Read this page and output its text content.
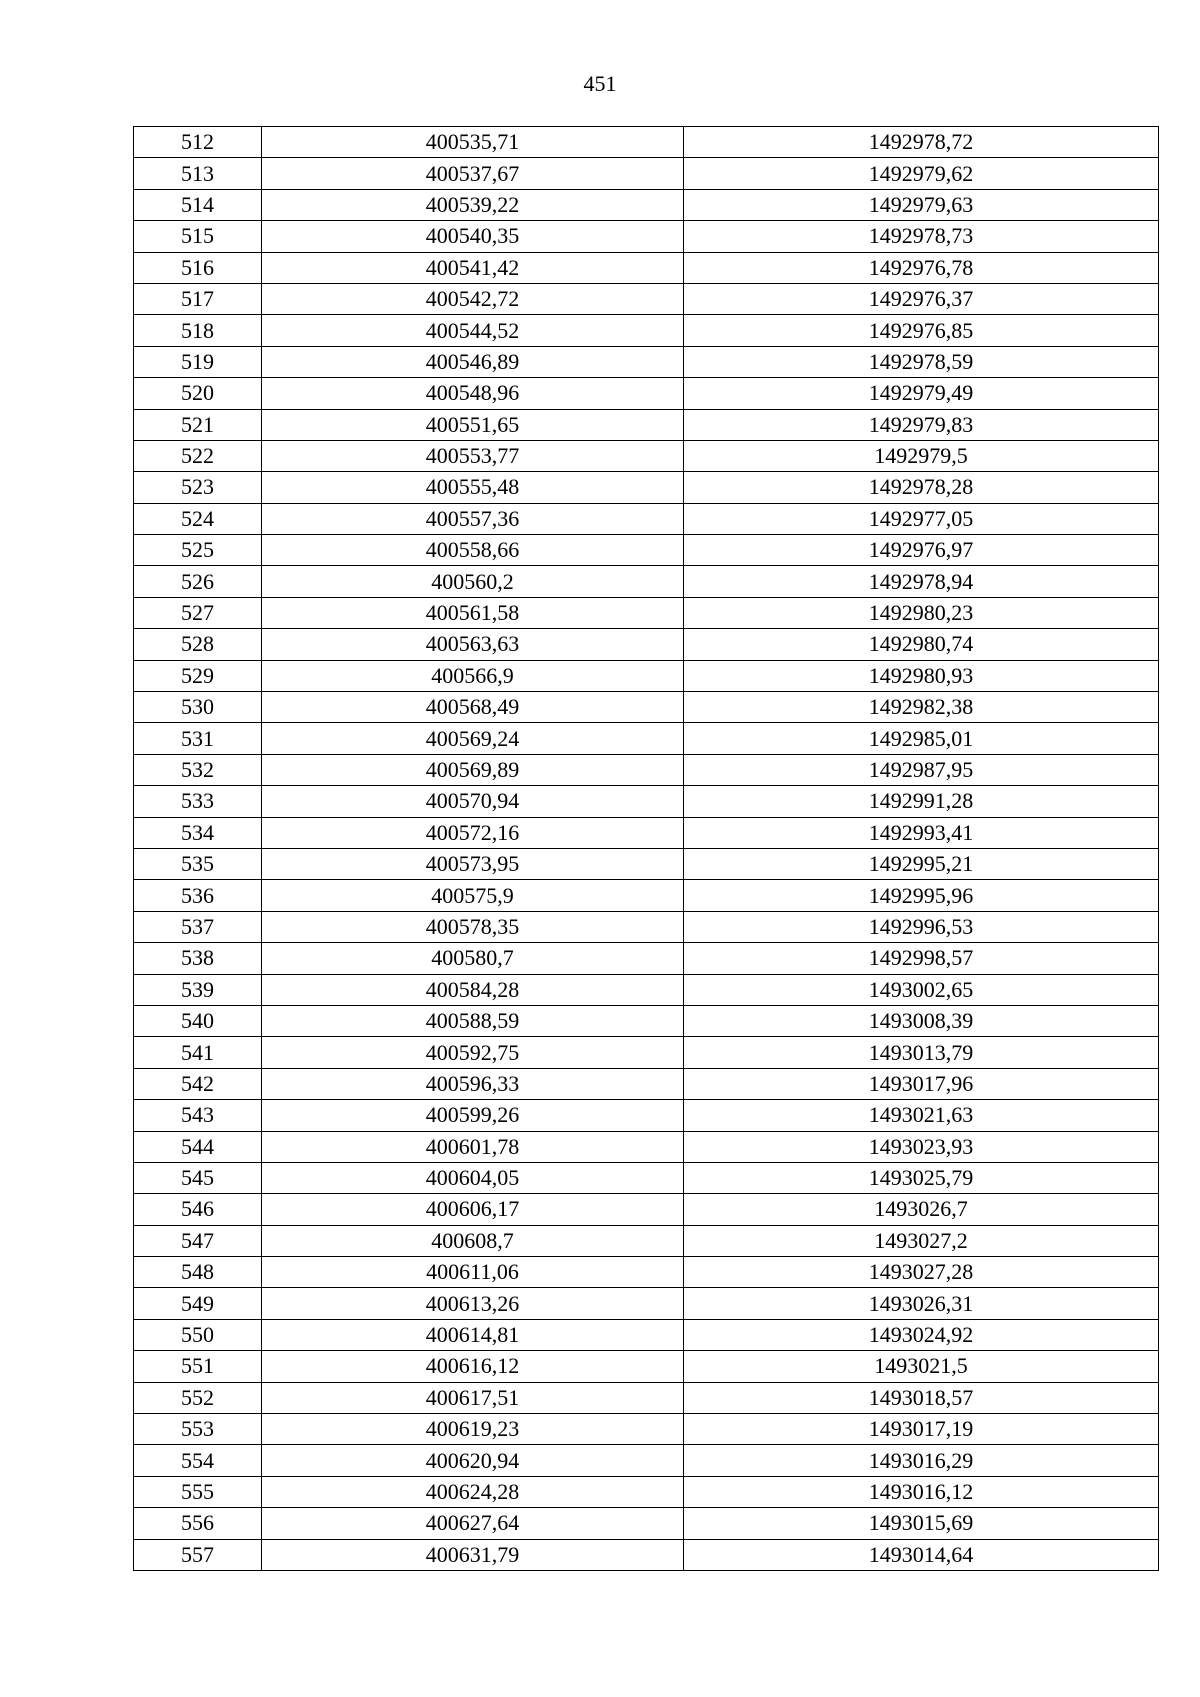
451
512	400535,71	1492978,72
513	400537,67	1492979,62
514	400539,22	1492979,63
515	400540,35	1492978,73
516	400541,42	1492976,78
517	400542,72	1492976,37
518	400544,52	1492976,85
519	400546,89	1492978,59
520	400548,96	1492979,49
521	400551,65	1492979,83
522	400553,77	1492979,5
523	400555,48	1492978,28
524	400557,36	1492977,05
525	400558,66	1492976,97
526	400560,2	1492978,94
527	400561,58	1492980,23
528	400563,63	1492980,74
529	400566,9	1492980,93
530	400568,49	1492982,38
531	400569,24	1492985,01
532	400569,89	1492987,95
533	400570,94	1492991,28
534	400572,16	1492993,41
535	400573,95	1492995,21
536	400575,9	1492995,96
537	400578,35	1492996,53
538	400580,7	1492998,57
539	400584,28	1493002,65
540	400588,59	1493008,39
541	400592,75	1493013,79
542	400596,33	1493017,96
543	400599,26	1493021,63
544	400601,78	1493023,93
545	400604,05	1493025,79
546	400606,17	1493026,7
547	400608,7	1493027,2
548	400611,06	1493027,28
549	400613,26	1493026,31
550	400614,81	1493024,92
551	400616,12	1493021,5
552	400617,51	1493018,57
553	400619,23	1493017,19
554	400620,94	1493016,29
555	400624,28	1493016,12
556	400627,64	1493015,69
557	400631,79	1493014,64
